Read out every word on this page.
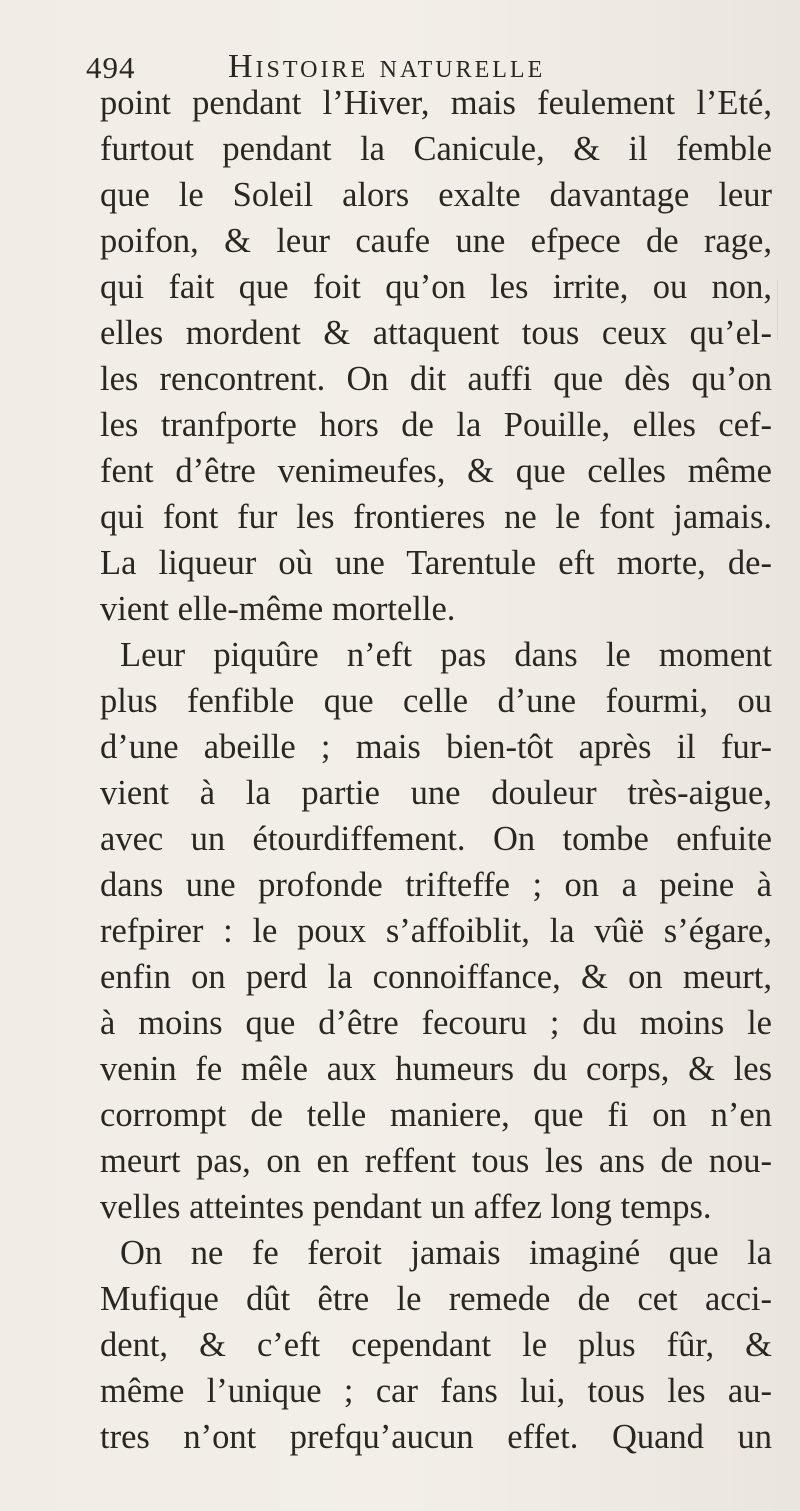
494	Histoire naturelle
point pendant l’Hiver, mais feulement l’Eté,
furtout pendant la Canicule, & il femble
que le Soleil alors exalte davantage leur
poifon, & leur caufe une efpece de rage,
qui fait que foit qu’on les irrite, ou non,
elles mordent & attaquent tous ceux qu’el-
les rencontrent. On dit auffi que dès qu’on
les tranfporte hors de la Pouille, elles cef-
fent d’être venimeufes, & que celles même
qui font fur les frontieres ne le font jamais.
La liqueur où une Tarentule eft morte, de-
vient elle-même mortelle.
Leur piquûre n’eft pas dans le moment
plus fenfible que celle d’une fourmi, ou
d’une abeille ; mais bien-tôt après il fur-
vient à la partie une douleur très-aigue,
avec un étourdiffement. On tombe enfuite
dans une profonde trifteffe ; on a peine à
refpirer : le poux s’affoiblit, la vûë s’égare,
enfin on perd la connoiffance, & on meurt,
à moins que d’être fecouru ; du moins le
venin fe mêle aux humeurs du corps, & les
corrompt de telle maniere, que fi on n’en
meurt pas, on en reffent tous les ans de nou-
velles atteintes pendant un affez long temps.
On ne fe feroit jamais imaginé que la
Mufique dût être le remede de cet acci-
dent, & c’eft cependant le plus fûr, &
même l’unique ; car fans lui, tous les au-
tres n’ont prefqu’aucun effet. Quand un
